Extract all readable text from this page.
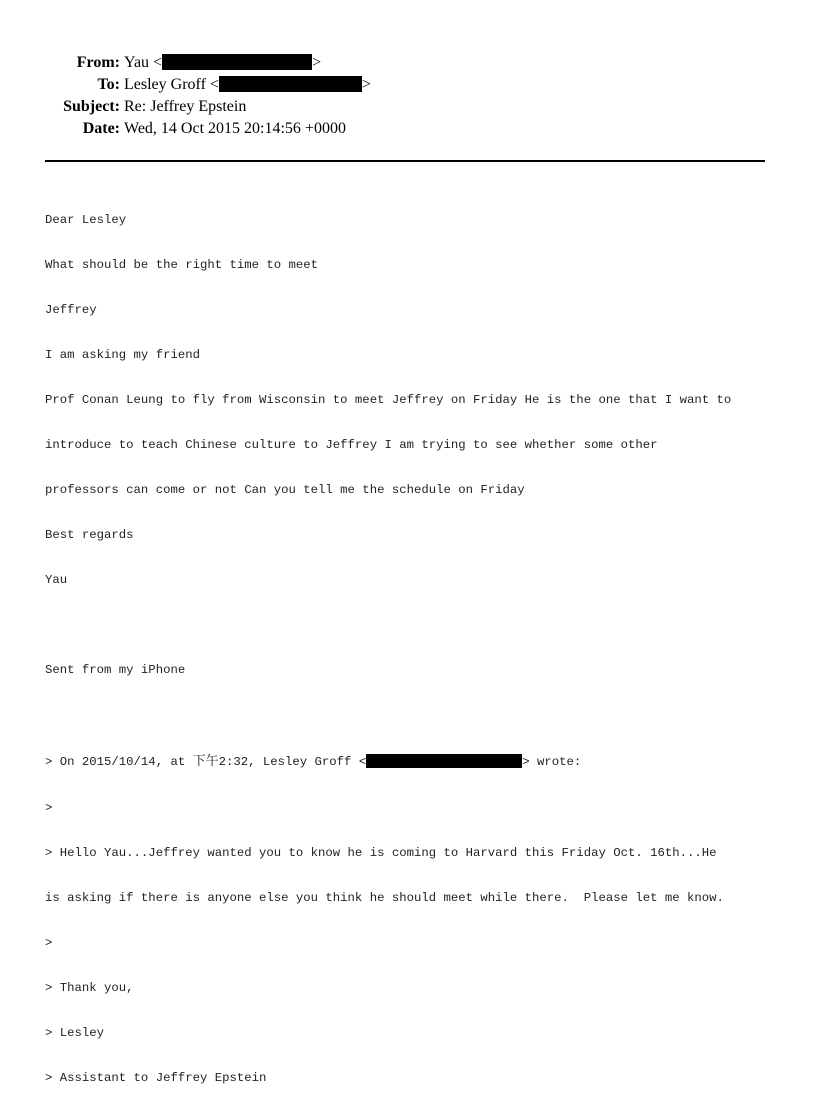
From: Yau <	>
To: Lesley Groff <	>
Subject: Re: Jeffrey Epstein
Date: Wed, 14 Oct 2015 20:14:56 +0000

Dear Lesley

What should be the right time to meet

Jeffrey

I am asking my friend

Prof Conan Leung to fly from Wisconsin to meet Jeffrey on Friday He is the one that I want to

introduce to teach Chinese culture to Jeffrey I am trying to see whether some other

professors can come or not Can you tell me the schedule on Friday

Best regards

Yau

Sent from my iPhone

> On 2015/10/14, at 下午2:32, Lesley Groff <	> wrote:

>

> Hello Yau...Jeffrey wanted you to know he is coming to Harvard this Friday Oct. 16th...He

is asking if there is anyone else you think he should meet while there.  Please let me know.

>

> Thank you,

> Lesley

> Assistant to Jeffrey Epstein
